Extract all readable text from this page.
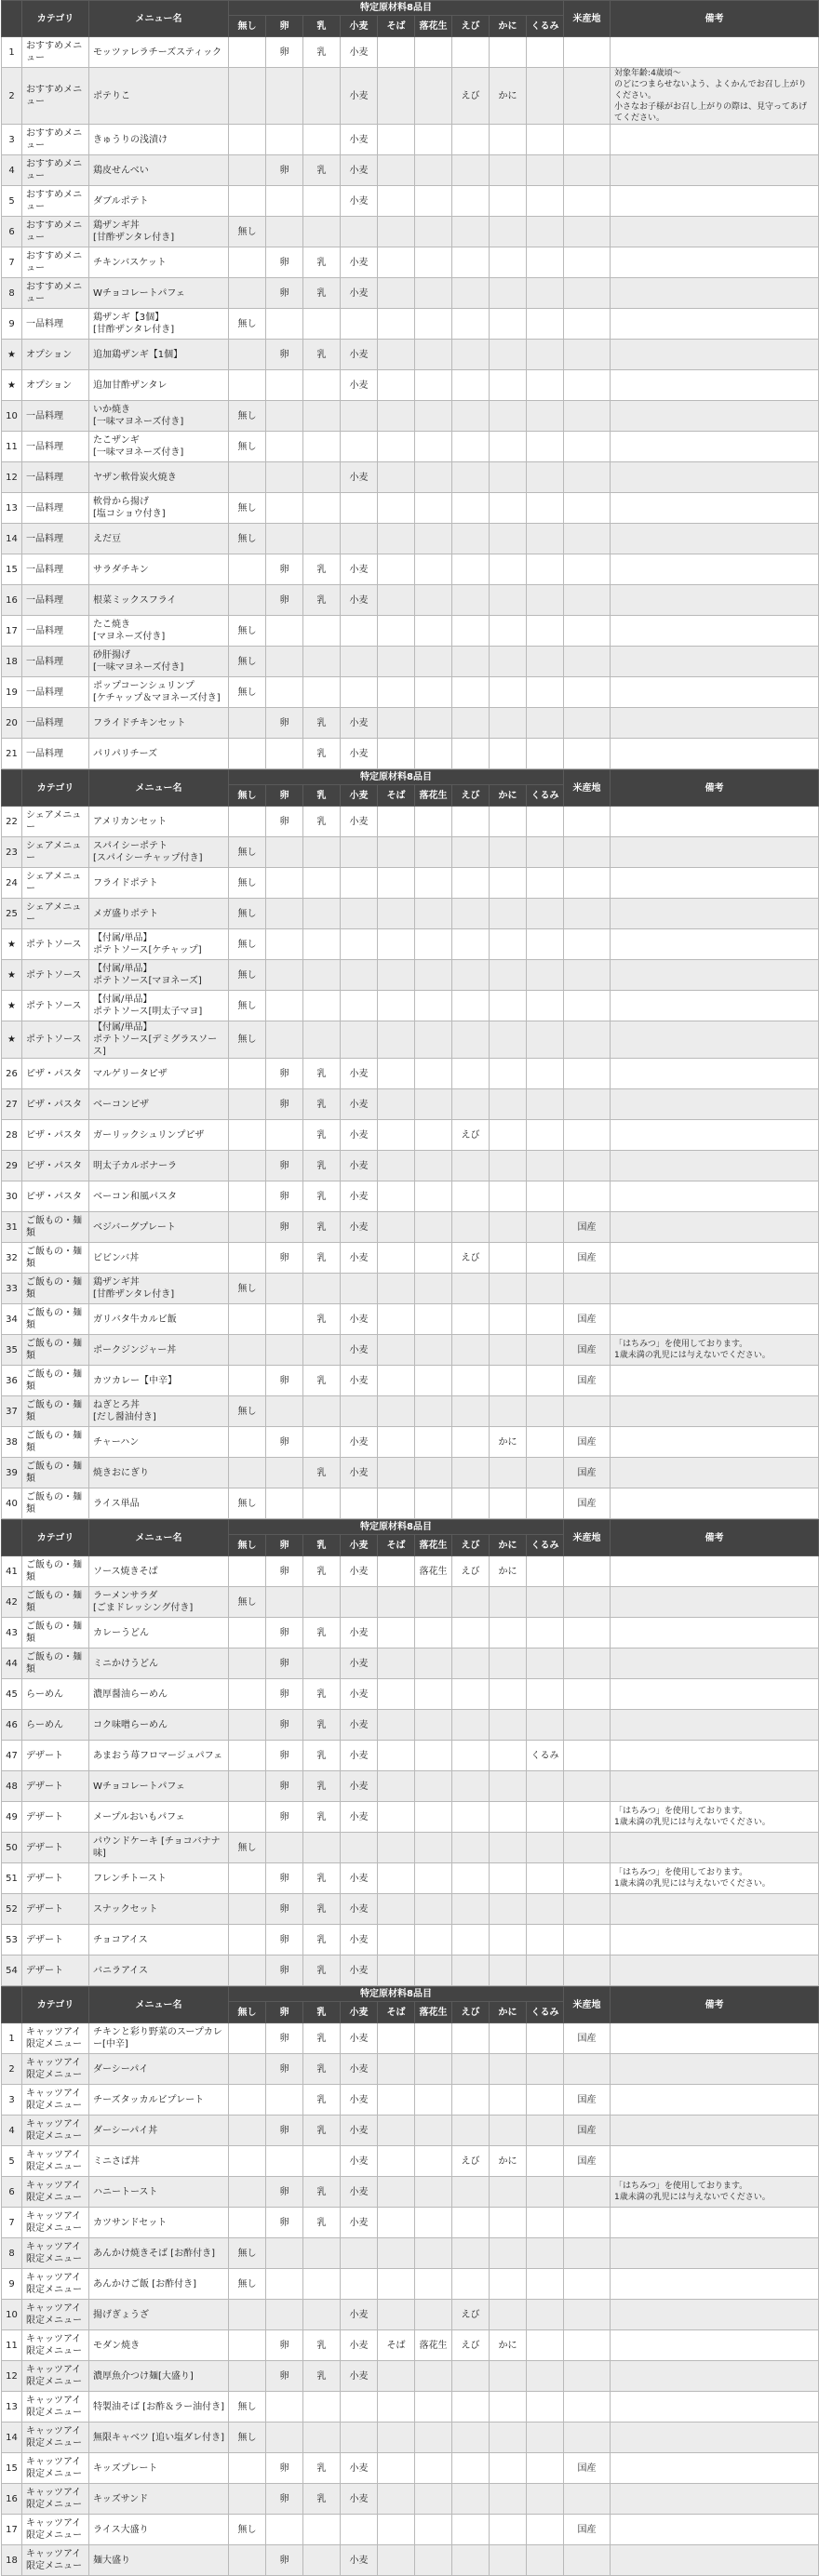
	カテゴリ	メニュー名	特定原材料8品目									米産地	備考
			無し	卵	乳	小麦	そば	落花生	えび	かに	くるみ		
1	おすすめメニュー	モッツァレラチーズスティック		卵	乳	小麦							
2	おすすめメニュー	ポテりこ				小麦			えび	かに			対象年齢:4歳頃～
のどにつまらせないよう、よくかんでお召し上がりください。
小さなお子様がお召し上がりの際は、見守ってあげてください。
3	おすすめメニュー	きゅうりの浅漬け				小麦							
4	おすすめメニュー	鶏皮せんべい		卵	乳	小麦							
5	おすすめメニュー	ダブルポテト				小麦							
6	おすすめメニュー	鶏ザンギ丼
[甘酢ザンタレ付き]	無し										
7	おすすめメニュー	チキンバスケット		卵	乳	小麦							
8	おすすめメニュー	Wチョコレートパフェ		卵	乳	小麦							
9	一品料理	鶏ザンギ【3個】
[甘酢ザンタレ付き]	無し										
★	オプション	追加鶏ザンギ【1個】		卵	乳	小麦							
★	オプション	追加甘酢ザンタレ				小麦							
10	一品料理	いか焼き
[一味マヨネーズ付き]	無し										
11	一品料理	たこザンギ
[一味マヨネーズ付き]	無し										
12	一品料理	ヤザン軟骨炭火焼き				小麦							
13	一品料理	軟骨から揚げ
[塩コショウ付き]	無し										
14	一品料理	えだ豆	無し										
15	一品料理	サラダチキン		卵	乳	小麦							
16	一品料理	根菜ミックスフライ		卵	乳	小麦							
17	一品料理	たこ焼き
[マヨネーズ付き]	無し										
18	一品料理	砂肝揚げ
[一味マヨネーズ付き]	無し										
19	一品料理	ポップコーンシュリンプ
[ケチャップ＆マヨネーズ付き]	無し										
20	一品料理	フライドチキンセット		卵	乳	小麦							
21	一品料理	パリパリチーズ			乳	小麦							
	カテゴリ	メニュー名	特定原材料8品目									米産地	備考
			無し	卵	乳	小麦	そば	落花生	えび	かに	くるみ		
22	シェアメニュー	アメリカンセット		卵	乳	小麦							
23	シェアメニュー	スパイシーポテト
[スパイシーチャップ付き]	無し										
24	シェアメニュー	フライドポテト	無し										
25	シェアメニュー	メガ盛りポテト	無し										
★	ポテトソース	【付属/単品】
ポテトソース[ケチャップ]	無し										
★	ポテトソース	【付属/単品】
ポテトソース[マヨネーズ]	無し										
★	ポテトソース	【付属/単品】
ポテトソース[明太子マヨ]	無し										
★	ポテトソース	【付属/単品】
ポテトソース[デミグラスソース]	無し										
26	ピザ・パスタ	マルゲリータピザ		卵	乳	小麦							
27	ピザ・パスタ	ベーコンピザ		卵	乳	小麦							
28	ピザ・パスタ	ガーリックシュリンプピザ			乳	小麦			えび				
29	ピザ・パスタ	明太子カルボナーラ		卵	乳	小麦							
30	ピザ・パスタ	ベーコン和風パスタ		卵	乳	小麦							
31	ご飯もの・麺類	ベジバーグプレート		卵	乳	小麦						国産	
32	ご飯もの・麺類	ビビンバ丼		卵	乳	小麦			えび			国産	
33	ご飯もの・麺類	鶏ザンギ丼
[甘酢ザンタレ付き]	無し										
34	ご飯もの・麺類	ガリバタ牛カルビ飯			乳	小麦						国産	
35	ご飯もの・麺類	ポークジンジャー丼				小麦						国産	「はちみつ」を使用しております。
1歳未満の乳児には与えないでください。
36	ご飯もの・麺類	カツカレー【中辛】		卵	乳	小麦						国産	
37	ご飯もの・麺類	ねぎとろ丼
[だし醤油付き]	無し										
38	ご飯もの・麺類	チャーハン		卵		小麦				かに		国産	
39	ご飯もの・麺類	焼きおにぎり			乳	小麦						国産	
40	ご飯もの・麺類	ライス単品	無し									国産	
	カテゴリ	メニュー名	特定原材料8品目									米産地	備考
			無し	卵	乳	小麦	そば	落花生	えび	かに	くるみ		
41	ご飯もの・麺類	ソース焼きそば		卵	乳	小麦		落花生	えび	かに			
42	ご飯もの・麺類	ラーメンサラダ
[ごまドレッシング付き]	無し										
43	ご飯もの・麺類	カレーうどん		卵	乳	小麦							
44	ご飯もの・麺類	ミニかけうどん		卵		小麦							
45	らーめん	濃厚醤油らーめん		卵	乳	小麦							
46	らーめん	コク味噌らーめん		卵	乳	小麦							
47	デザート	あまおう苺フロマージュパフェ		卵	乳	小麦					くるみ		
48	デザート	Wチョコレートパフェ		卵	乳	小麦							
49	デザート	メープルおいもパフェ		卵	乳	小麦							「はちみつ」を使用しております。
1歳未満の乳児には与えないでください。
50	デザート	パウンドケーキ [チョコバナナ味]	無し										
51	デザート	フレンチトースト		卵	乳	小麦							「はちみつ」を使用しております。
1歳未満の乳児には与えないでください。
52	デザート	スナックセット		卵	乳	小麦							
53	デザート	チョコアイス		卵	乳	小麦							
54	デザート	バニラアイス		卵	乳	小麦							
	カテゴリ	メニュー名	特定原材料8品目									米産地	備考
			無し	卵	乳	小麦	そば	落花生	えび	かに	くるみ		
1	キャッツアイ
限定メニュー	チキンと彩り野菜のスープカレー[中辛]		卵	乳	小麦						国産	
2	キャッツアイ
限定メニュー	ダーシーパイ		卵	乳	小麦							
3	キャッツアイ
限定メニュー	チーズタッカルビプレート			乳	小麦						国産	
4	キャッツアイ
限定メニュー	ダーシーパイ丼		卵	乳	小麦						国産	
5	キャッツアイ
限定メニュー	ミニさば丼				小麦			えび	かに		国産	
6	キャッツアイ
限定メニュー	ハニートースト		卵	乳	小麦							「はちみつ」を使用しております。
1歳未満の乳児には与えないでください。
7	キャッツアイ
限定メニュー	カツサンドセット		卵	乳	小麦							
8	キャッツアイ
限定メニュー	あんかけ焼きそば [お酢付き]	無し										
9	キャッツアイ
限定メニュー	あんかけご飯 [お酢付き]	無し										
10	キャッツアイ
限定メニュー	揚げぎょうざ				小麦			えび				
11	キャッツアイ
限定メニュー	モダン焼き		卵	乳	小麦	そば	落花生	えび	かに			
12	キャッツアイ
限定メニュー	濃厚魚介つけ麺[大盛り]		卵	乳	小麦							
13	キャッツアイ
限定メニュー	特製油そば [お酢＆ラー油付き]	無し										
14	キャッツアイ
限定メニュー	無限キャベツ [追い塩ダレ付き]	無し										
15	キャッツアイ
限定メニュー	キッズプレート		卵	乳	小麦						国産	
16	キャッツアイ
限定メニュー	キッズサンド		卵	乳	小麦							
17	キャッツアイ
限定メニュー	ライス大盛り	無し									国産	
18	キャッツアイ
限定メニュー	麺大盛り		卵		小麦							
